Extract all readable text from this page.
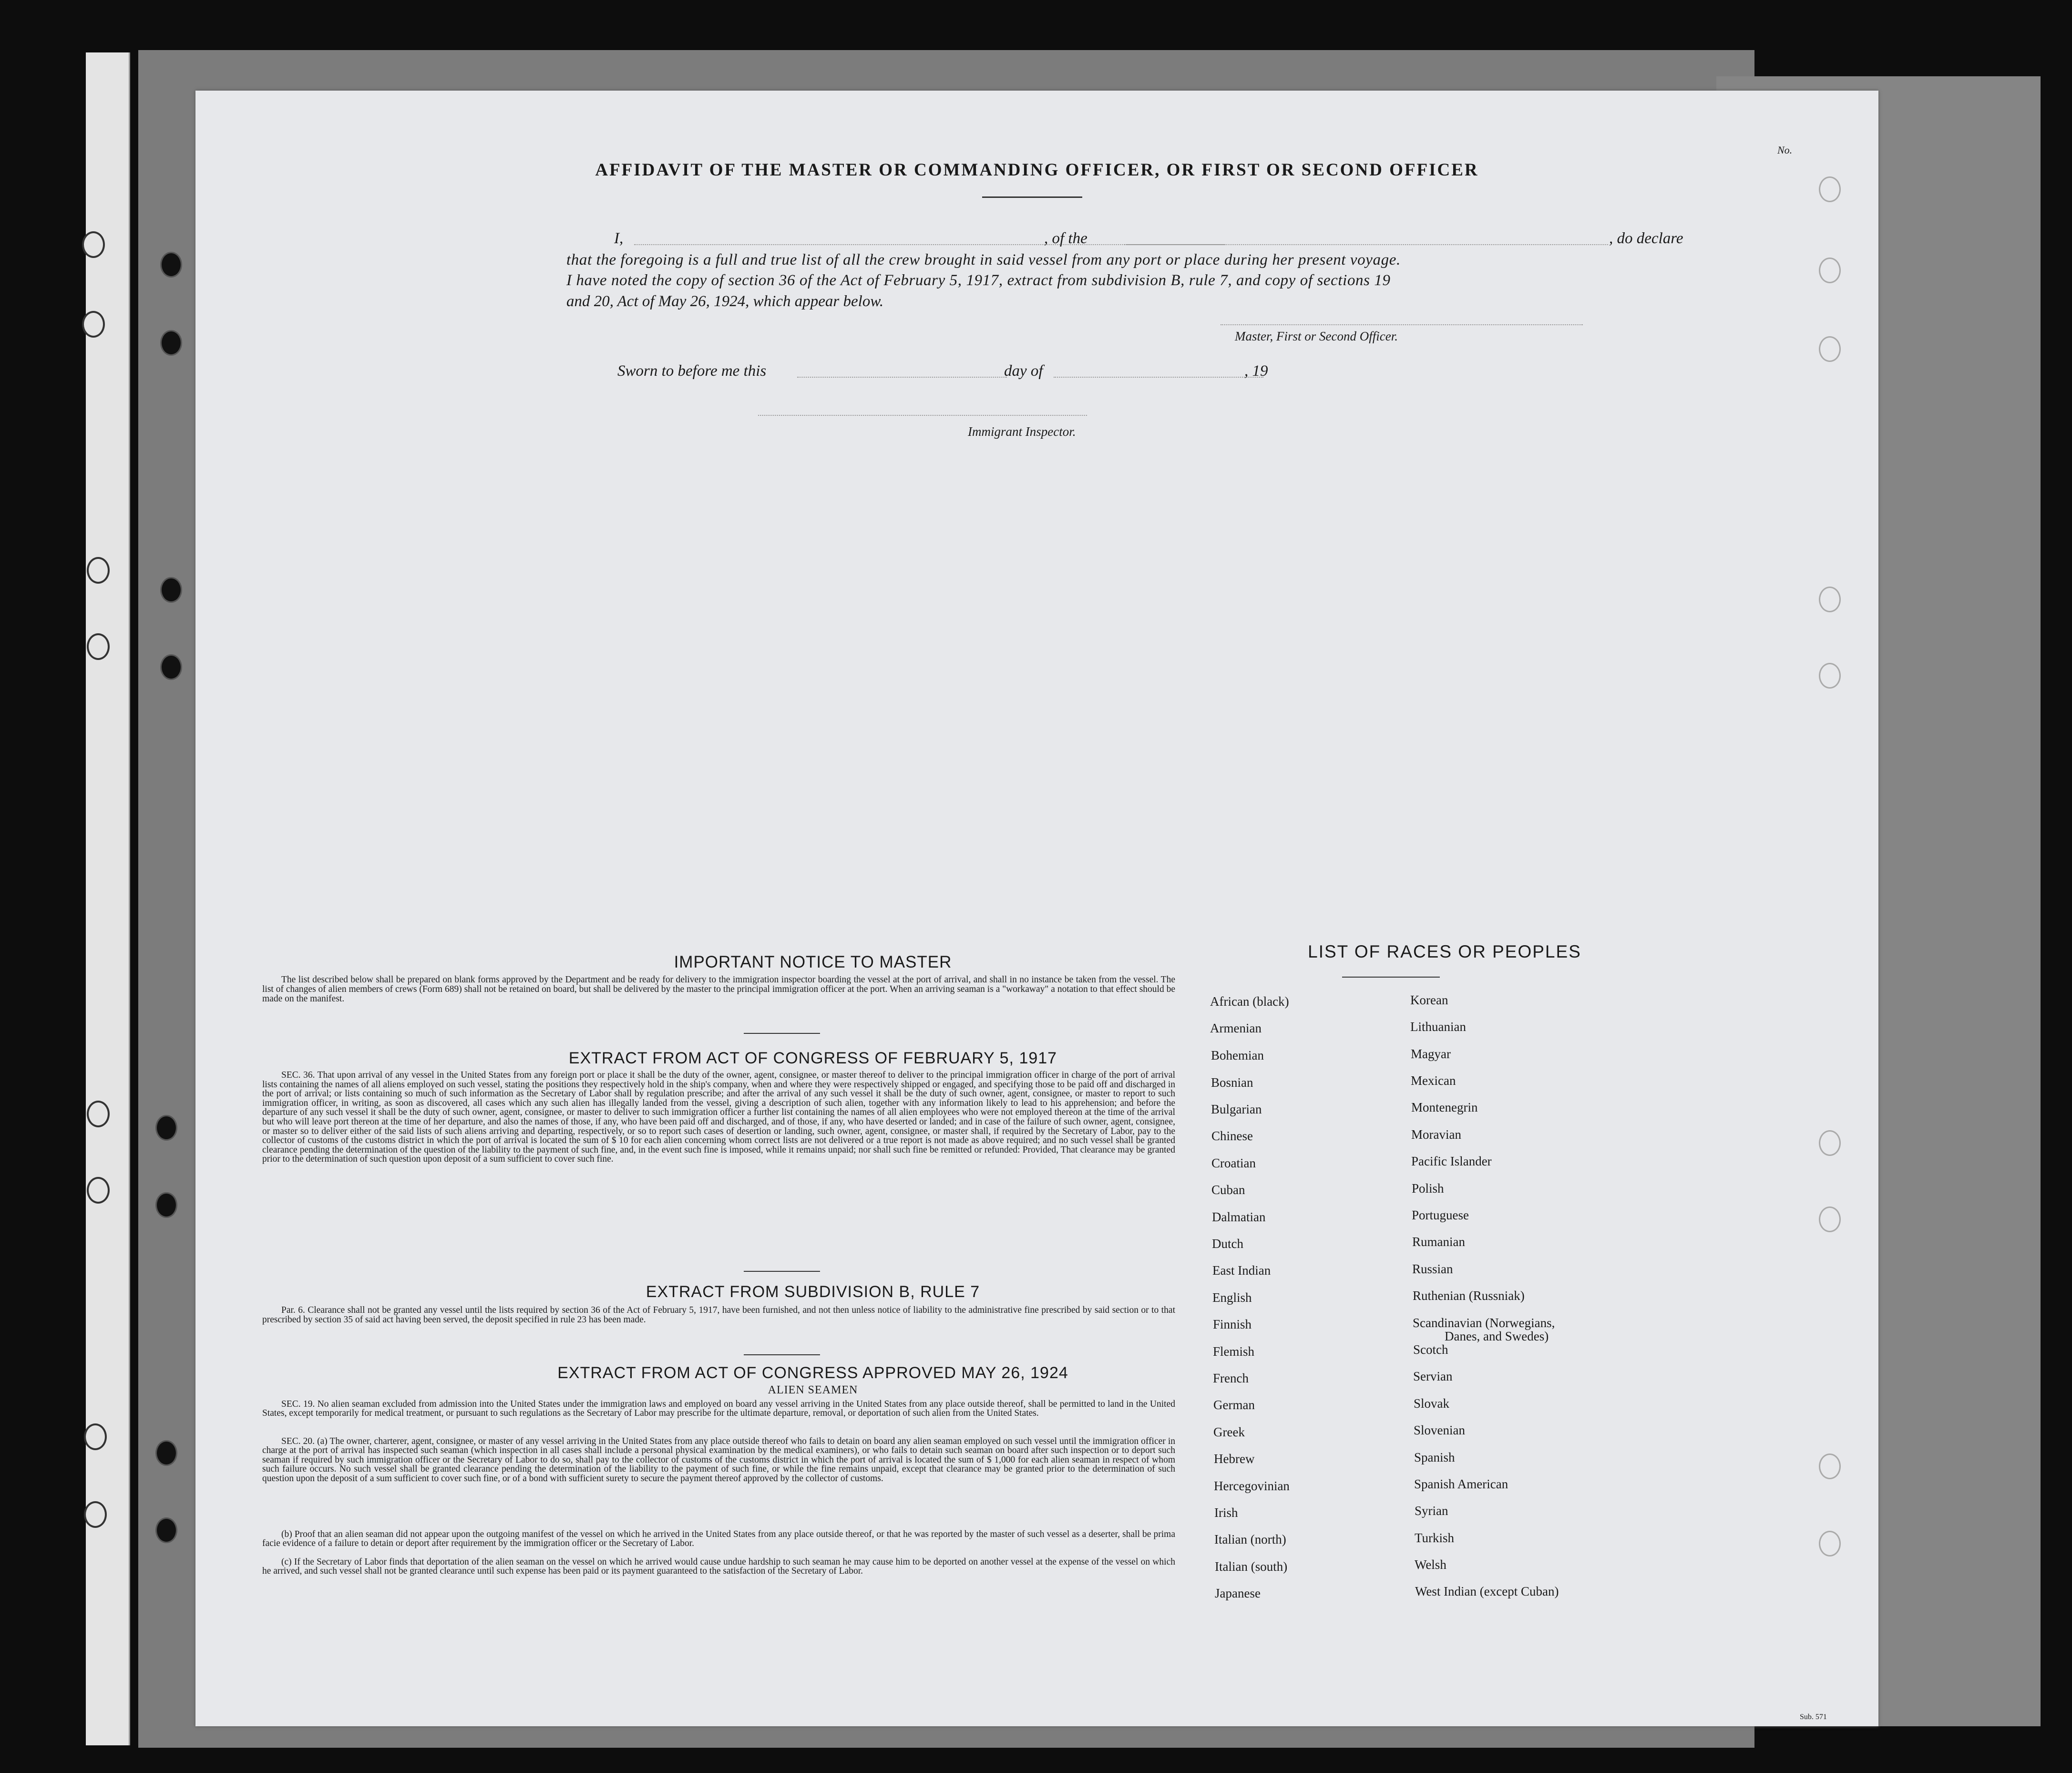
No.
AFFIDAVIT OF THE MASTER OR COMMANDING OFFICER, OR FIRST OR SECOND OFFICER
I,	, of the	, do declare
that the foregoing is a full and true list of all the crew brought in said vessel from any port or place during her present voyage.
I have noted the copy of section 36 of the Act of February 5, 1917, extract from subdivision B, rule 7, and copy of sections 19
and 20, Act of May 26, 1924, which appear below.
Master, First or Second Officer.
Sworn to before me this	day of	, 19
Immigrant Inspector.
IMPORTANT NOTICE TO MASTER
The list described below shall be prepared on blank forms approved by the Department and be ready for delivery to the immigration inspector boarding the vessel at the port of arrival, and shall in no instance be taken from the vessel. The list of changes of alien members of crews (Form 689) shall not be retained on board, but shall be delivered by the master to the principal immigration officer at the port. When an arriving seaman is a "workaway" a notation to that effect should be made on the manifest.
EXTRACT FROM ACT OF CONGRESS OF FEBRUARY 5, 1917
SEC. 36. That upon arrival of any vessel in the United States from any foreign port or place it shall be the duty of the owner, agent, consignee, or master thereof to deliver to the principal immigration officer in charge of the port of arrival lists containing the names of all aliens employed on such vessel, stating the positions they respectively hold in the ship's company, when and where they were respectively shipped or engaged, and specifying those to be paid off and discharged in the port of arrival; or lists containing so much of such information as the Secretary of Labor shall by regulation prescribe; and after the arrival of any such vessel it shall be the duty of such owner, agent, consignee, or master to report to such immigration officer, in writing, as soon as discovered, all cases which any such alien has illegally landed from the vessel, giving a description of such alien, together with any information likely to lead to his apprehension; and before the departure of any such vessel it shall be the duty of such owner, agent, consignee, or master to deliver to such immigration officer a further list containing the names of all alien employees who were not employed thereon at the time of the arrival but who will leave port thereon at the time of her departure, and also the names of those, if any, who have been paid off and discharged, and of those, if any, who have deserted or landed; and in case of the failure of such owner, agent, consignee, or master so to deliver either of the said lists of such aliens arriving and departing, respectively, or so to report such cases of desertion or landing, such owner, agent, consignee, or master shall, if required by the Secretary of Labor, pay to the collector of customs of the customs district in which the port of arrival is located the sum of $ 10 for each alien concerning whom correct lists are not delivered or a true report is not made as above required; and no such vessel shall be granted clearance pending the determination of the question of the liability to the payment of such fine, and, in the event such fine is imposed, while it remains unpaid; nor shall such fine be remitted or refunded: Provided, That clearance may be granted prior to the determination of such question upon deposit of a sum sufficient to cover such fine.
EXTRACT FROM SUBDIVISION B, RULE 7
Par. 6. Clearance shall not be granted any vessel until the lists required by section 36 of the Act of February 5, 1917, have been furnished, and not then unless notice of liability to the administrative fine prescribed by said section or to that prescribed by section 35 of said act having been served, the deposit specified in rule 23 has been made.
EXTRACT FROM ACT OF CONGRESS APPROVED MAY 26, 1924
ALIEN SEAMEN
SEC. 19. No alien seaman excluded from admission into the United States under the immigration laws and employed on board any vessel arriving in the United States from any place outside thereof, shall be permitted to land in the United States, except temporarily for medical treatment, or pursuant to such regulations as the Secretary of Labor may prescribe for the ultimate departure, removal, or deportation of such alien from the United States.
SEC. 20. (a) The owner, charterer, agent, consignee, or master of any vessel arriving in the United States from any place outside thereof who fails to detain on board any alien seaman employed on such vessel until the immigration officer in charge at the port of arrival has inspected such seaman (which inspection in all cases shall include a personal physical examination by the medical examiners), or who fails to detain such seaman on board after such inspection or to deport such seaman if required by such immigration officer or the Secretary of Labor to do so, shall pay to the collector of customs of the customs district in which the port of arrival is located the sum of $ 1,000 for each alien seaman in respect of whom such failure occurs. No such vessel shall be granted clearance pending the determination of the liability to the payment of such fine, or while the fine remains unpaid, except that clearance may be granted prior to the determination of such question upon the deposit of a sum sufficient to cover such fine, or of a bond with sufficient surety to secure the payment thereof approved by the collector of customs.
(b) Proof that an alien seaman did not appear upon the outgoing manifest of the vessel on which he arrived in the United States from any place outside thereof, or that he was reported by the master of such vessel as a deserter, shall be prima facie evidence of a failure to detain or deport after requirement by the immigration officer or the Secretary of Labor.
(c) If the Secretary of Labor finds that deportation of the alien seaman on the vessel on which he arrived would cause undue hardship to such seaman he may cause him to be deported on another vessel at the expense of the vessel on which he arrived, and such vessel shall not be granted clearance until such expense has been paid or its payment guaranteed to the satisfaction of the Secretary of Labor.
LIST OF RACES OR PEOPLES
African (black)
Armenian
Bohemian
Bosnian
Bulgarian
Chinese
Croatian
Cuban
Dalmatian
Dutch
East Indian
English
Finnish
Flemish
French
German
Greek
Hebrew
Hercegovinian
Irish
Italian (north)
Italian (south)
Japanese
Korean
Lithuanian
Magyar
Mexican
Montenegrin
Moravian
Pacific Islander
Polish
Portuguese
Rumanian
Russian
Ruthenian (Russniak)
Scandinavian (Norwegians,
Danes, and Swedes)
Scotch
Servian
Slovak
Slovenian
Spanish
Spanish American
Syrian
Turkish
Welsh
West Indian (except Cuban)
Sub. 571
